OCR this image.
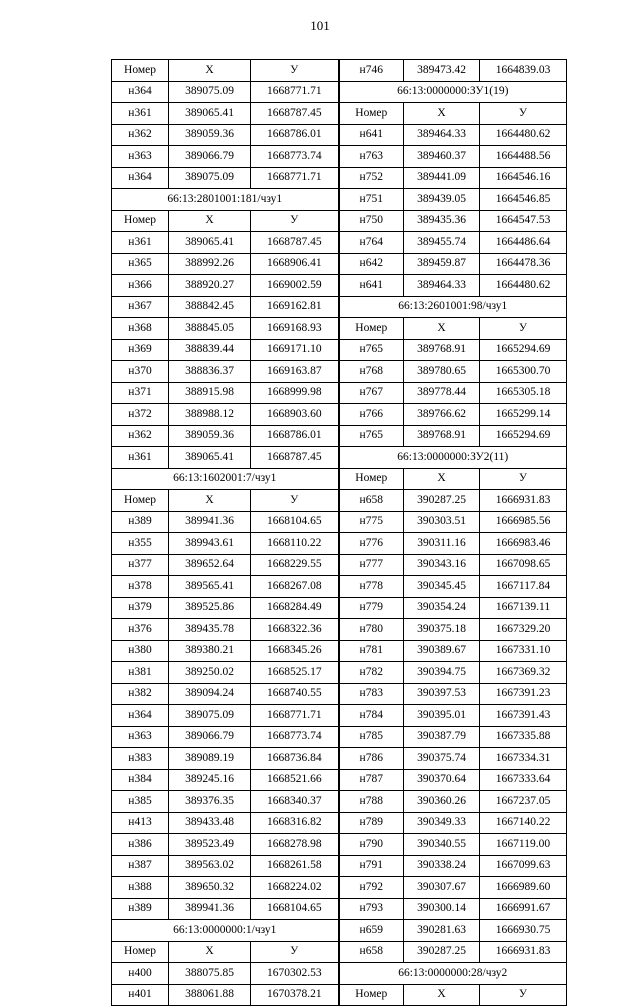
101
Номер	X	У	н746	389473.42	1664839.03
н364	389075.09	1668771.71	66:13:0000000:ЗУ1(19)		
н361	389065.41	1668787.45	Номер	X	У
н362	389059.36	1668786.01	н641	389464.33	1664480.62
н363	389066.79	1668773.74	н763	389460.37	1664488.56
н364	389075.09	1668771.71	н752	389441.09	1664546.16
66:13:2801001:181/чзу1			н751	389439.05	1664546.85
Номер	X	У	н750	389435.36	1664547.53
н361	389065.41	1668787.45	н764	389455.74	1664486.64
н365	388992.26	1668906.41	н642	389459.87	1664478.36
н366	388920.27	1669002.59	н641	389464.33	1664480.62
н367	388842.45	1669162.81	66:13:2601001:98/чзу1		
н368	388845.05	1669168.93	Номер	X	У
н369	388839.44	1669171.10	н765	389768.91	1665294.69
н370	388836.37	1669163.87	н768	389780.65	1665300.70
н371	388915.98	1668999.98	н767	389778.44	1665305.18
н372	388988.12	1668903.60	н766	389766.62	1665299.14
н362	389059.36	1668786.01	н765	389768.91	1665294.69
н361	389065.41	1668787.45	66:13:0000000:ЗУ2(11)		
66:13:1602001:7/чзу1			Номер	X	У
Номер	X	У	н658	390287.25	1666931.83
н389	389941.36	1668104.65	н775	390303.51	1666985.56
н355	389943.61	1668110.22	н776	390311.16	1666983.46
н377	389652.64	1668229.55	н777	390343.16	1667098.65
н378	389565.41	1668267.08	н778	390345.45	1667117.84
н379	389525.86	1668284.49	н779	390354.24	1667139.11
н376	389435.78	1668322.36	н780	390375.18	1667329.20
н380	389380.21	1668345.26	н781	390389.67	1667331.10
н381	389250.02	1668525.17	н782	390394.75	1667369.32
н382	389094.24	1668740.55	н783	390397.53	1667391.23
н364	389075.09	1668771.71	н784	390395.01	1667391.43
н363	389066.79	1668773.74	н785	390387.79	1667335.88
н383	389089.19	1668736.84	н786	390375.74	1667334.31
н384	389245.16	1668521.66	н787	390370.64	1667333.64
н385	389376.35	1668340.37	н788	390360.26	1667237.05
н413	389433.48	1668316.82	н789	390349.33	1667140.22
н386	389523.49	1668278.98	н790	390340.55	1667119.00
н387	389563.02	1668261.58	н791	390338.24	1667099.63
н388	389650.32	1668224.02	н792	390307.67	1666989.60
н389	389941.36	1668104.65	н793	390300.14	1666991.67
66:13:0000000:1/чзу1			н659	390281.63	1666930.75
Номер	X	У	н658	390287.25	1666931.83
н400	388075.85	1670302.53	66:13:0000000:28/чзу2		
н401	388061.88	1670378.21	Номер	X	У
